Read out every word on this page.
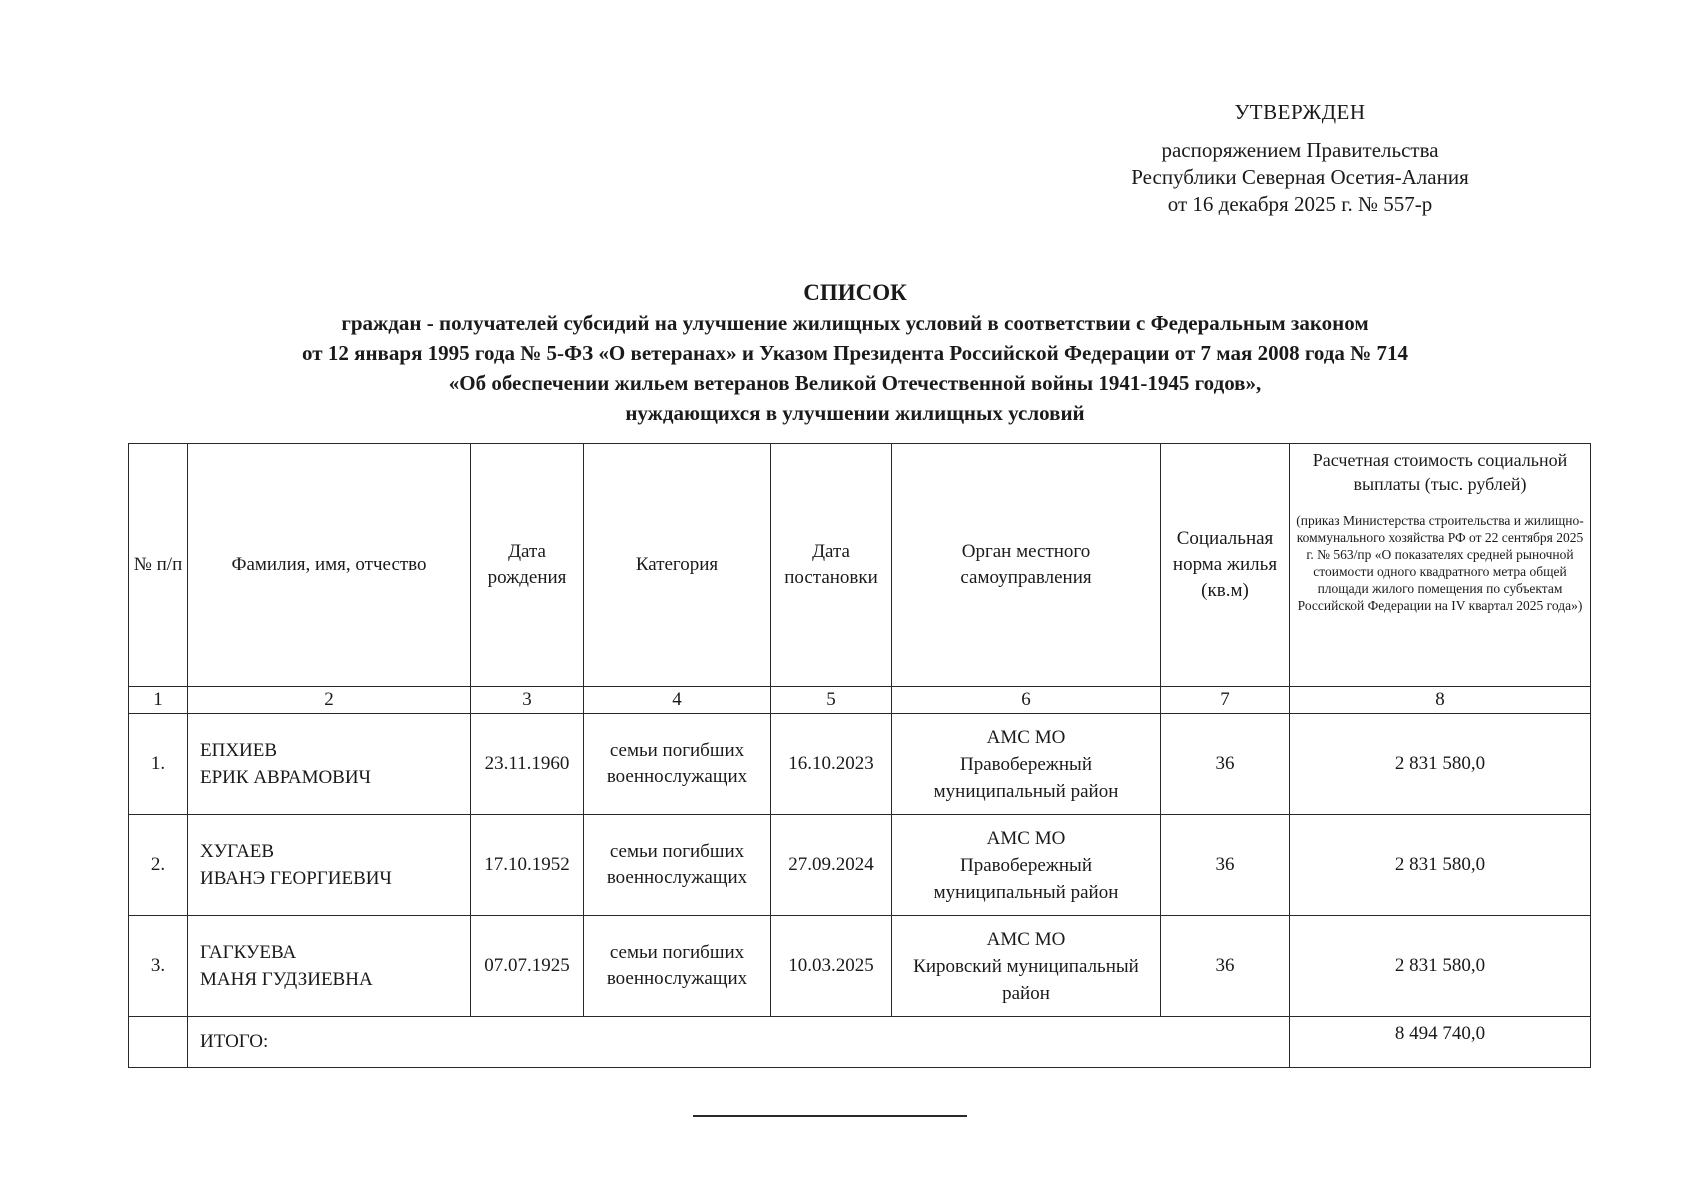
УТВЕРЖДЕН
распоряжением Правительства
Республики Северная Осетия-Алания
от 16 декабря 2025 г. № 557-р
СПИСОК
граждан - получателей субсидий на улучшение жилищных условий в соответствии с Федеральным законом
от 12 января 1995 года № 5-ФЗ «О ветеранах» и Указом Президента Российской Федерации от 7 мая 2008 года № 714
«Об обеспечении жильем ветеранов Великой Отечественной войны 1941-1945 годов»,
нуждающихся в улучшении жилищных условий
№ п/п	Фамилия, имя, отчество	Дата рождения	Категория	Дата постановки	Орган местного самоуправления	Социальная норма жилья (кв.м)	Расчетная стоимость социальной выплаты (тыс. рублей)
(приказ Министерства строительства и жилищно-коммунального хозяйства РФ от 22 сентября 2025 г. № 563/пр «О показателях средней рыночной стоимости одного квадратного метра общей площади жилого помещения по субъектам Российской Федерации на IV квартал 2025 года»)

1	2	3	4	5	6	7	8
1.	ЕПХИЕВ
ЕРИК АВРАМОВИЧ	23.11.1960	семьи погибших военнослужащих	16.10.2023	АМС МО
Правобережный
муниципальный район	36	2 831 580,0
2.	ХУГАЕВ
ИВАНЭ ГЕОРГИЕВИЧ	17.10.1952	семьи погибших военнослужащих	27.09.2024	АМС МО
Правобережный
муниципальный район	36	2 831 580,0
3.	ГАГКУЕВА
МАНЯ ГУДЗИЕВНА	07.07.1925	семьи погибших военнослужащих	10.03.2025	АМС МО
Кировский муниципальный
район	36	2 831 580,0
	ИТОГО:						8 494 740,0
